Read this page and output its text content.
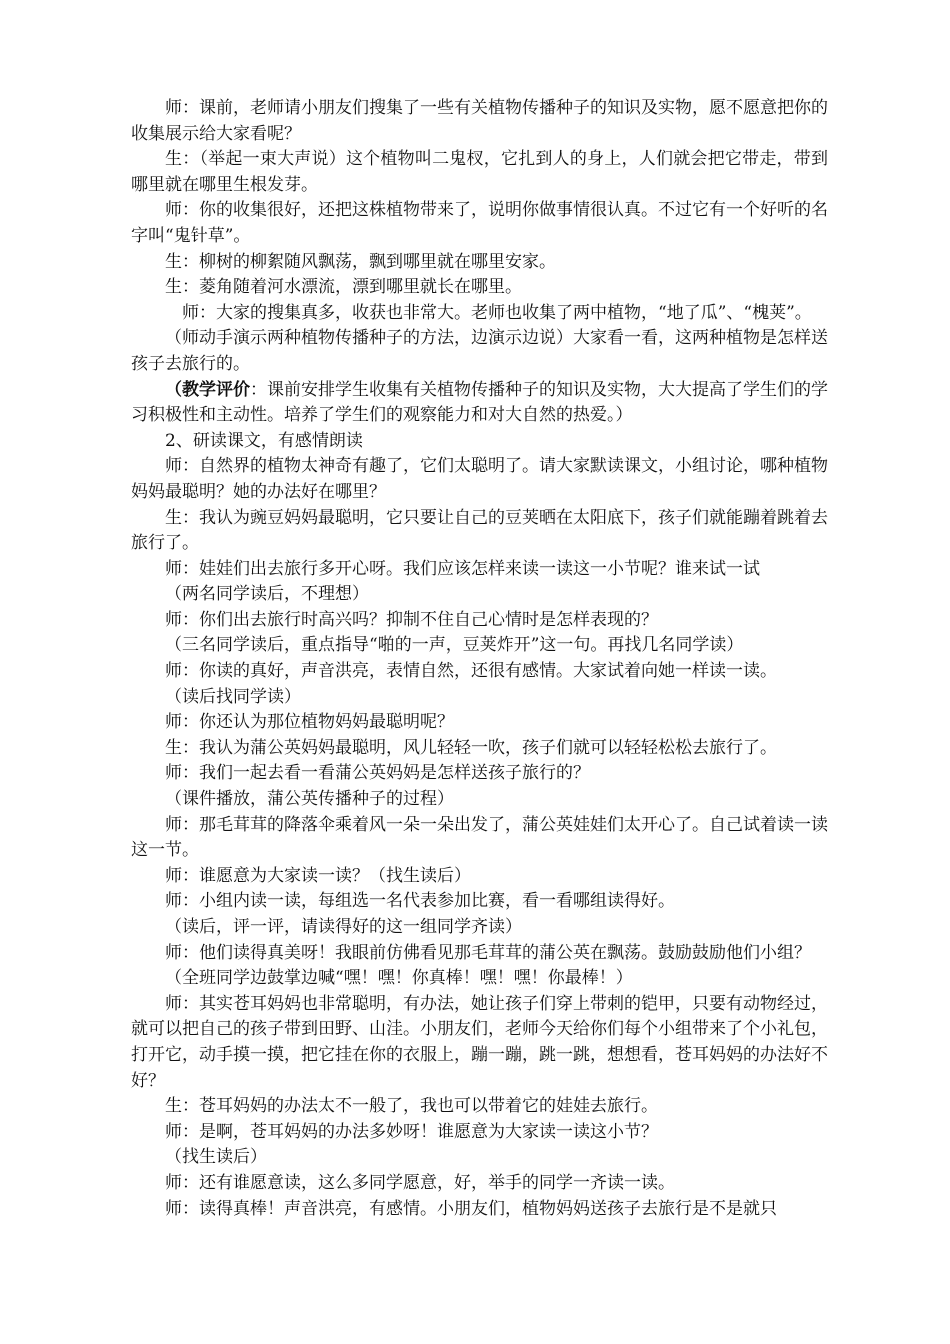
师：课前，老师请小朋友们搜集了一些有关植物传播种子的知识及实物，愿不愿意把你的收集展示给大家看呢？

生：（举起一束大声说）这个植物叫二鬼杈，它扎到人的身上，人们就会把它带走，带到哪里就在哪里生根发芽。

师：你的收集很好，还把这株植物带来了，说明你做事情很认真。不过它有一个好听的名字叫“鬼针草”。

生：柳树的柳絮随风飘荡，飘到哪里就在哪里安家。

生：菱角随着河水漂流，漂到哪里就长在哪里。

师：大家的搜集真多，收获也非常大。老师也收集了两中植物，“地了瓜”、“槐荚”。

（师动手演示两种植物传播种子的方法，边演示边说）大家看一看，这两种植物是怎样送孩子去旅行的。

（教学评价：课前安排学生收集有关植物传播种子的知识及实物，大大提高了学生们的学习积极性和主动性。培养了学生们的观察能力和对大自然的热爱。）

2、研读课文，有感情朗读

师：自然界的植物太神奇有趣了，它们太聪明了。请大家默读课文，小组讨论，哪种植物妈妈最聪明？她的办法好在哪里？

生：我认为豌豆妈妈最聪明，它只要让自己的豆荚晒在太阳底下，孩子们就能蹦着跳着去旅行了。

师：娃娃们出去旅行多开心呀。我们应该怎样来读一读这一小节呢？谁来试一试

（两名同学读后，不理想）

师：你们出去旅行时高兴吗？抑制不住自己心情时是怎样表现的？

（三名同学读后，重点指导“啪的一声，豆荚炸开”这一句。再找几名同学读）

师：你读的真好，声音洪亮，表情自然，还很有感情。大家试着向她一样读一读。

（读后找同学读）

师：你还认为那位植物妈妈最聪明呢？

生：我认为蒲公英妈妈最聪明，风儿轻轻一吹，孩子们就可以轻轻松松去旅行了。

师：我们一起去看一看蒲公英妈妈是怎样送孩子旅行的？

（课件播放，蒲公英传播种子的过程）

师：那毛茸茸的降落伞乘着风一朵一朵出发了，蒲公英娃娃们太开心了。自己试着读一读这一节。

师：谁愿意为大家读一读？（找生读后）

师：小组内读一读，每组选一名代表参加比赛，看一看哪组读得好。

（读后，评一评，请读得好的这一组同学齐读）

师：他们读得真美呀！我眼前仿佛看见那毛茸茸的蒲公英在飘荡。鼓励鼓励他们小组？

（全班同学边鼓掌边喊“嘿！嘿！你真棒！嘿！嘿！你最棒！）

师：其实苍耳妈妈也非常聪明，有办法，她让孩子们穿上带刺的铠甲，只要有动物经过，就可以把自己的孩子带到田野、山洼。小朋友们，老师今天给你们每个小组带来了个小礼包，打开它，动手摸一摸，把它挂在你的衣服上，蹦一蹦，跳一跳，想想看，苍耳妈妈的办法好不好？

生：苍耳妈妈的办法太不一般了，我也可以带着它的娃娃去旅行。

师：是啊，苍耳妈妈的办法多妙呀！谁愿意为大家读一读这小节？

（找生读后）

师：还有谁愿意读，这么多同学愿意，好，举手的同学一齐读一读。

师：读得真棒！声音洪亮，有感情。小朋友们，植物妈妈送孩子去旅行是不是就只
